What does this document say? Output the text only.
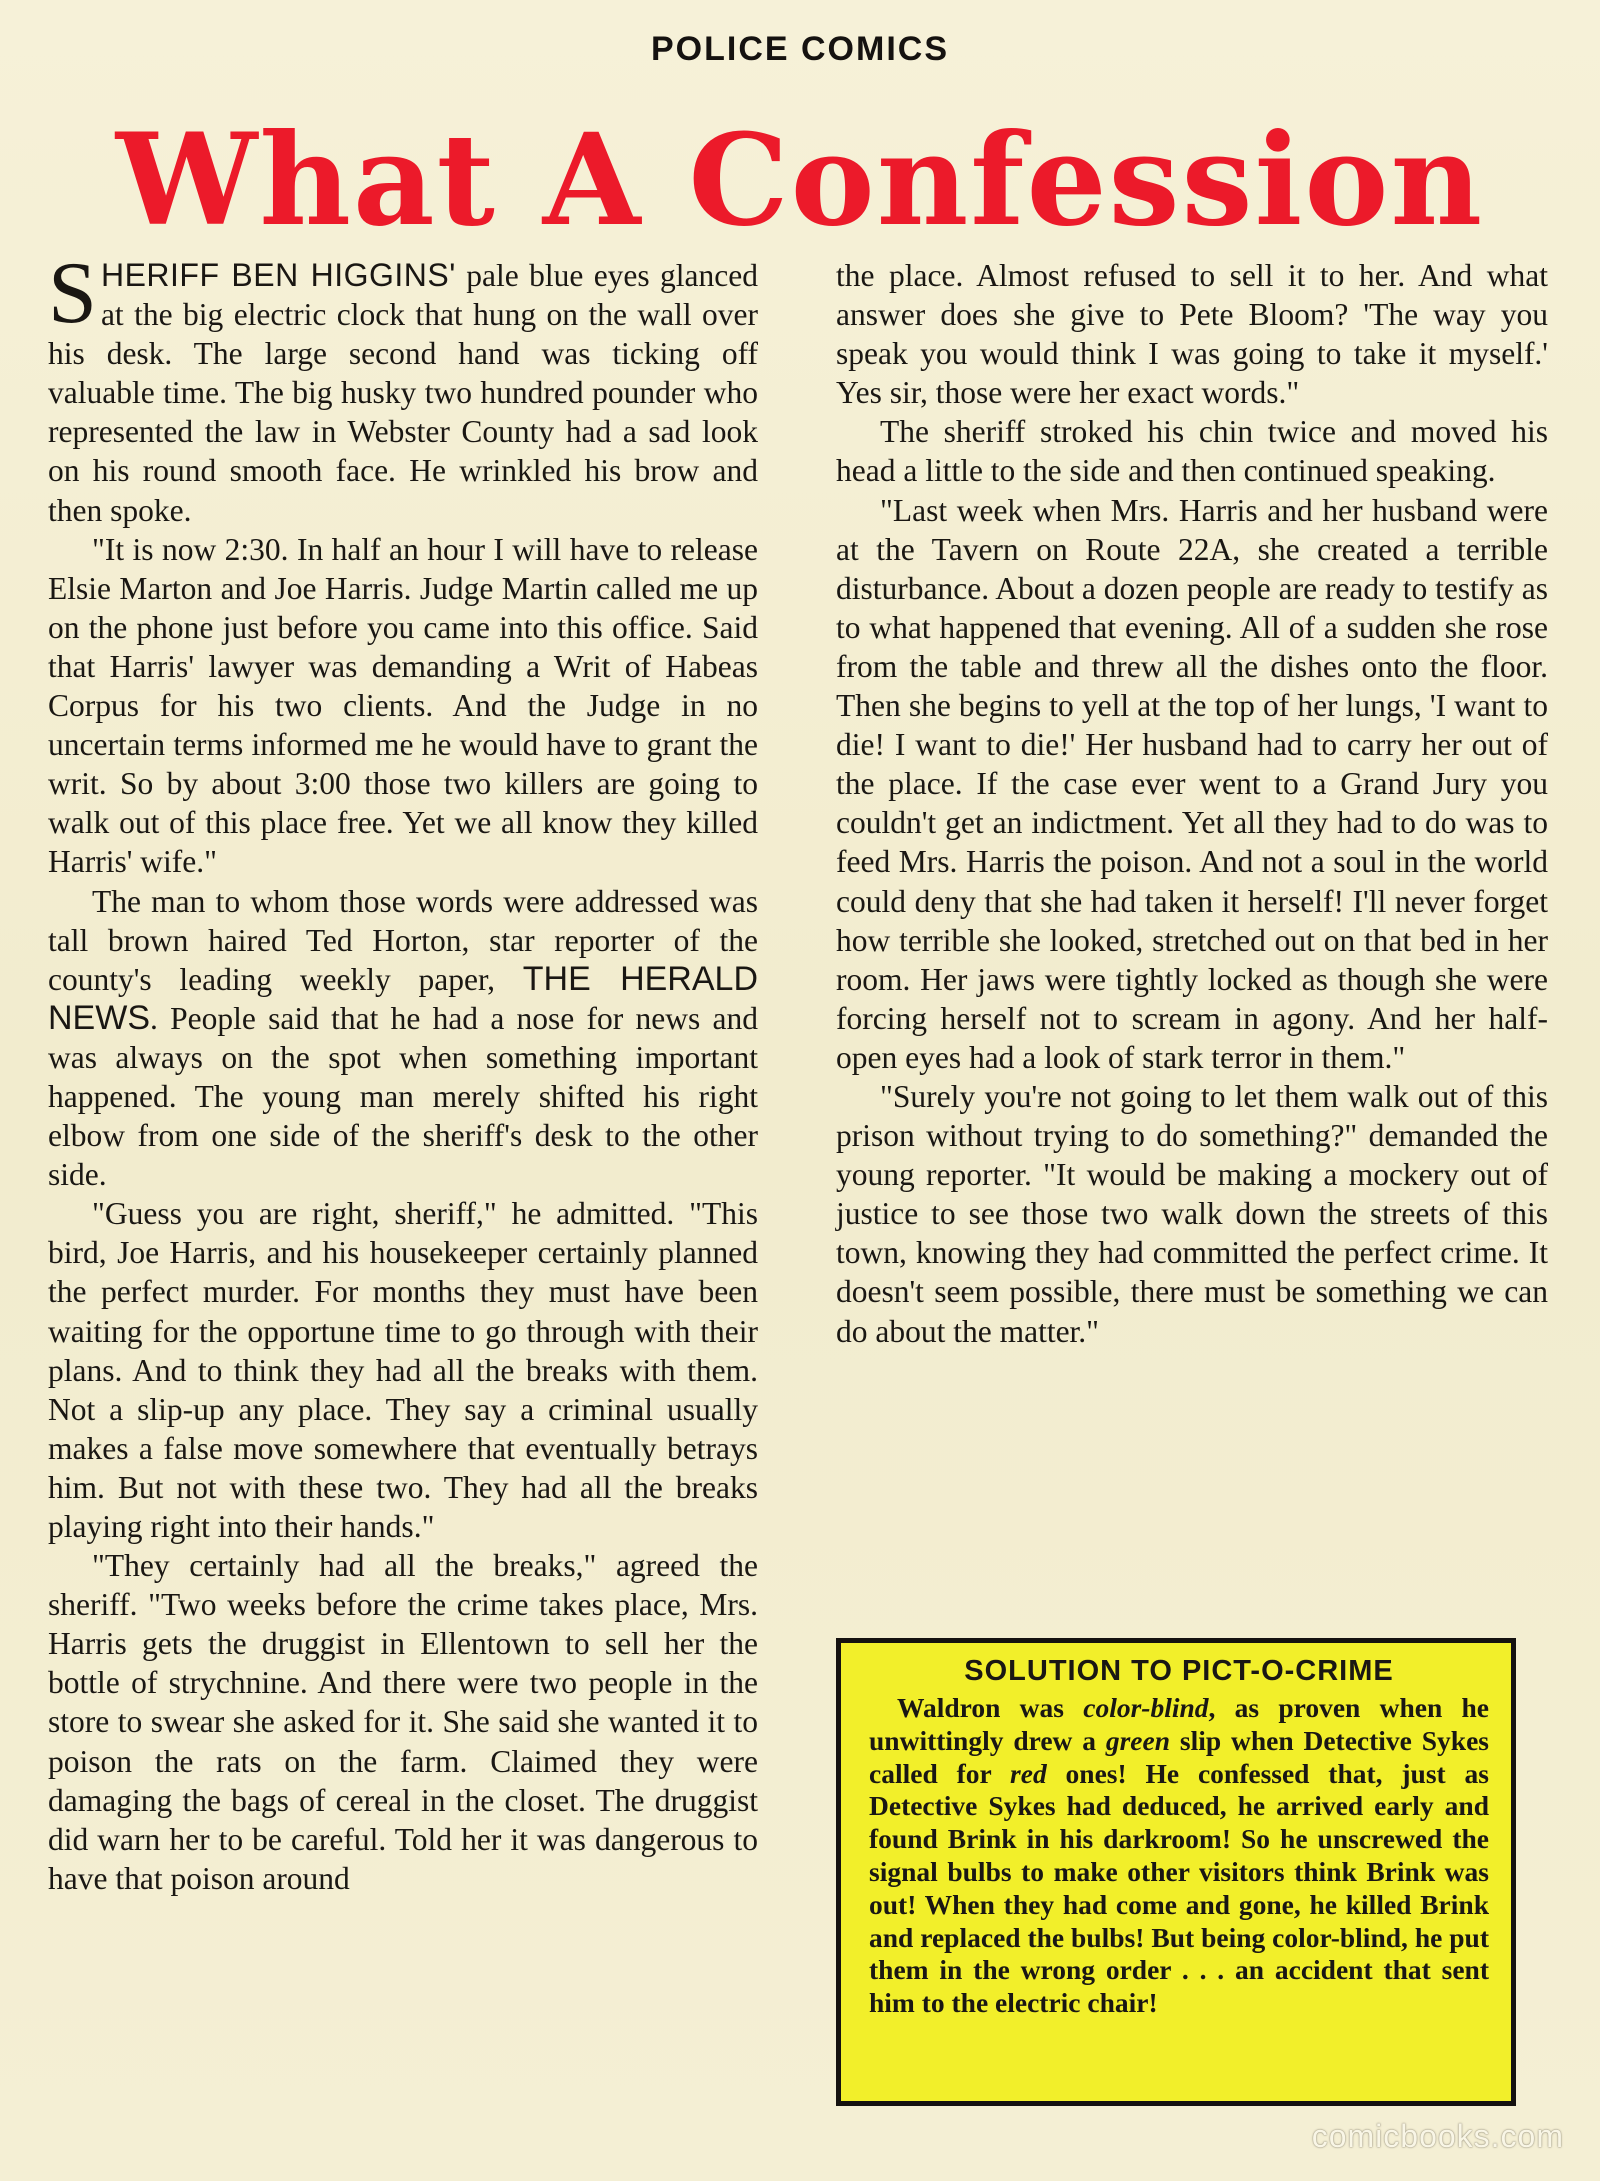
POLICE COMICS
What A Confession

SHERIFF BEN HIGGINS' pale blue eyes glanced at the big electric clock that hung on the wall over his desk. The large second hand was ticking off valuable time. The big husky two hundred pounder who represented the law in Webster County had a sad look on his round smooth face. He wrinkled his brow and then spoke.

"It is now 2:30. In half an hour I will have to release Elsie Marton and Joe Harris. Judge Martin called me up on the phone just before you came into this office. Said that Harris' lawyer was demanding a Writ of Habeas Corpus for his two clients. And the Judge in no uncertain terms informed me he would have to grant the writ. So by about 3:00 those two killers are going to walk out of this place free. Yet we all know they killed Harris' wife."

The man to whom those words were addressed was tall brown haired Ted Horton, star reporter of the county's leading weekly paper, THE HERALD NEWS. People said that he had a nose for news and was always on the spot when something important happened. The young man merely shifted his right elbow from one side of the sheriff's desk to the other side.

"Guess you are right, sheriff," he admitted. "This bird, Joe Harris, and his housekeeper certainly planned the perfect murder. For months they must have been waiting for the opportune time to go through with their plans. And to think they had all the breaks with them. Not a slip-up any place. They say a criminal usually makes a false move somewhere that eventually betrays him. But not with these two. They had all the breaks playing right into their hands."

"They certainly had all the breaks," agreed the sheriff. "Two weeks before the crime takes place, Mrs. Harris gets the druggist in Ellentown to sell her the bottle of strychnine. And there were two people in the store to swear she asked for it. She said she wanted it to poison the rats on the farm. Claimed they were damaging the bags of cereal in the closet. The druggist did warn her to be careful. Told her it was dangerous to have that poison around

the place. Almost refused to sell it to her. And what answer does she give to Pete Bloom? 'The way you speak you would think I was going to take it myself.' Yes sir, those were her exact words."

The sheriff stroked his chin twice and moved his head a little to the side and then continued speaking.

"Last week when Mrs. Harris and her husband were at the Tavern on Route 22A, she created a terrible disturbance. About a dozen people are ready to testify as to what happened that evening. All of a sudden she rose from the table and threw all the dishes onto the floor. Then she begins to yell at the top of her lungs, 'I want to die! I want to die!' Her husband had to carry her out of the place. If the case ever went to a Grand Jury you couldn't get an indictment. Yet all they had to do was to feed Mrs. Harris the poison. And not a soul in the world could deny that she had taken it herself! I'll never forget how terrible she looked, stretched out on that bed in her room. Her jaws were tightly locked as though she were forcing herself not to scream in agony. And her half-open eyes had a look of stark terror in them."

"Surely you're not going to let them walk out of this prison without trying to do something?" demanded the young reporter. "It would be making a mockery out of justice to see those two walk down the streets of this town, knowing they had committed the perfect crime. It doesn't seem possible, there must be something we can do about the matter."

SOLUTION TO PICT-O-CRIME

Waldron was color-blind, as proven when he unwittingly drew a green slip when Detective Sykes called for red ones! He confessed that, just as Detective Sykes had deduced, he arrived early and found Brink in his darkroom! So he unscrewed the signal bulbs to make other visitors think Brink was out! When they had come and gone, he killed Brink and replaced the bulbs! But being color-blind, he put them in the wrong order . . . an accident that sent him to the electric chair!

comicbooks.com
